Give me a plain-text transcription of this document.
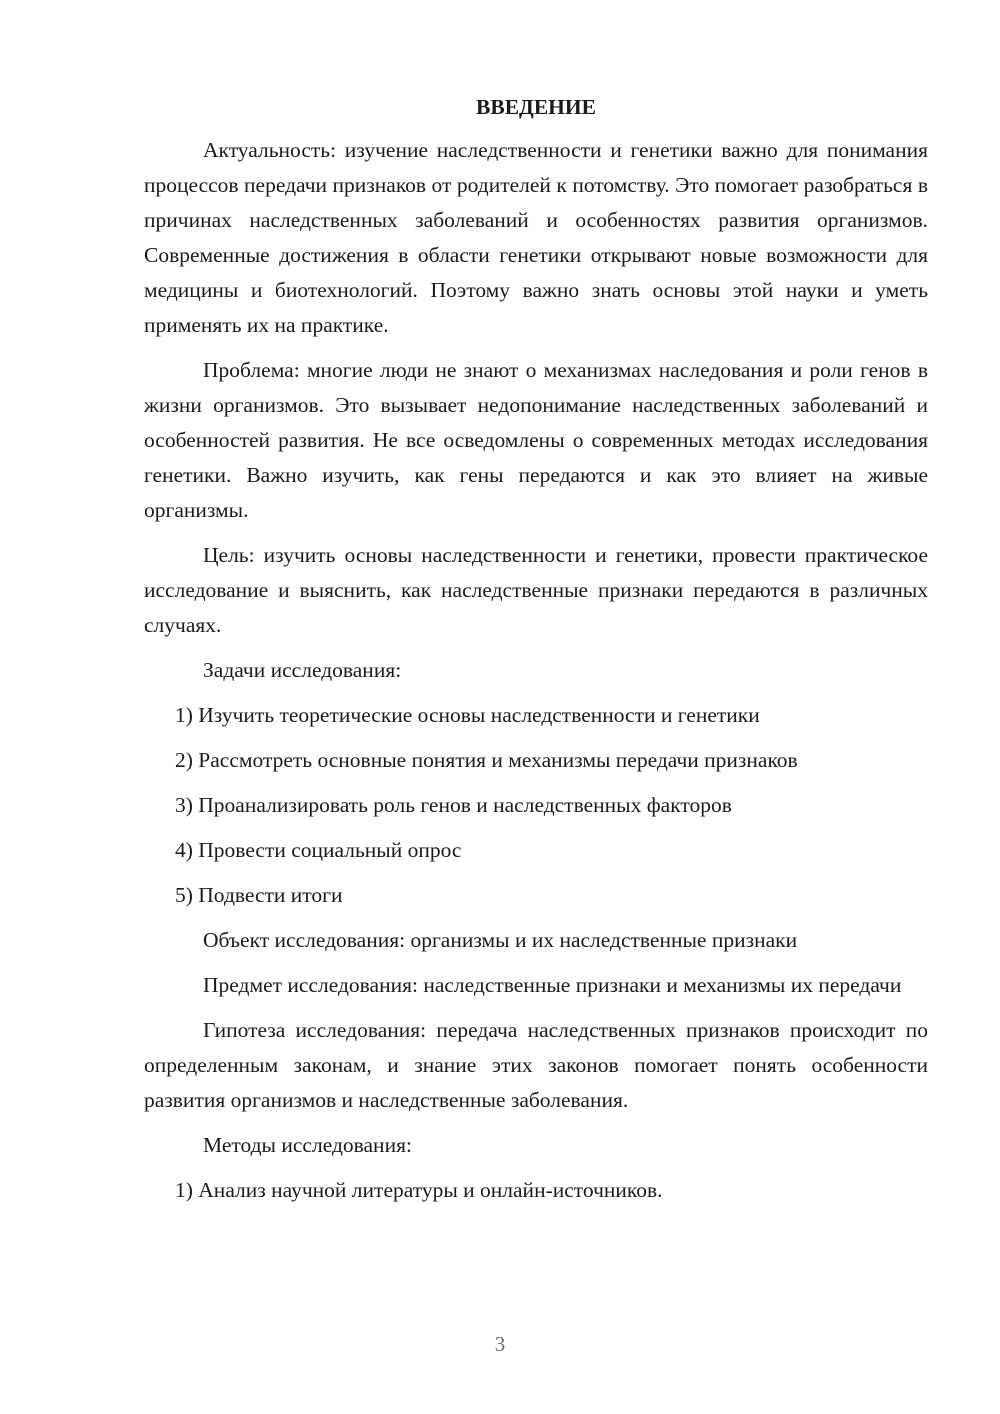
ВВЕДЕНИЕ

Актуальность: изучение наследственности и генетики важно для понимания процессов передачи признаков от родителей к потомству. Это помогает разобраться в причинах наследственных заболеваний и особенностях развития организмов. Современные достижения в области генетики открывают новые возможности для медицины и биотехнологий. Поэтому важно знать основы этой науки и уметь применять их на практике.

Проблема: многие люди не знают о механизмах наследования и роли генов в жизни организмов. Это вызывает недопонимание наследственных заболеваний и особенностей развития. Не все осведомлены о современных методах исследования генетики. Важно изучить, как гены передаются и как это влияет на живые организмы.

Цель: изучить основы наследственности и генетики, провести практическое исследование и выяснить, как наследственные признаки передаются в различных случаях.

Задачи исследования:

1) Изучить теоретические основы наследственности и генетики

2) Рассмотреть основные понятия и механизмы передачи признаков

3) Проанализировать роль генов и наследственных факторов

4) Провести социальный опрос

5) Подвести итоги

Объект исследования: организмы и их наследственные признаки

Предмет исследования: наследственные признаки и механизмы их передачи

Гипотеза исследования: передача наследственных признаков происходит по определенным законам, и знание этих законов помогает понять особенности развития организмов и наследственные заболевания.

Методы исследования:

1) Анализ научной литературы и онлайн-источников.

3
